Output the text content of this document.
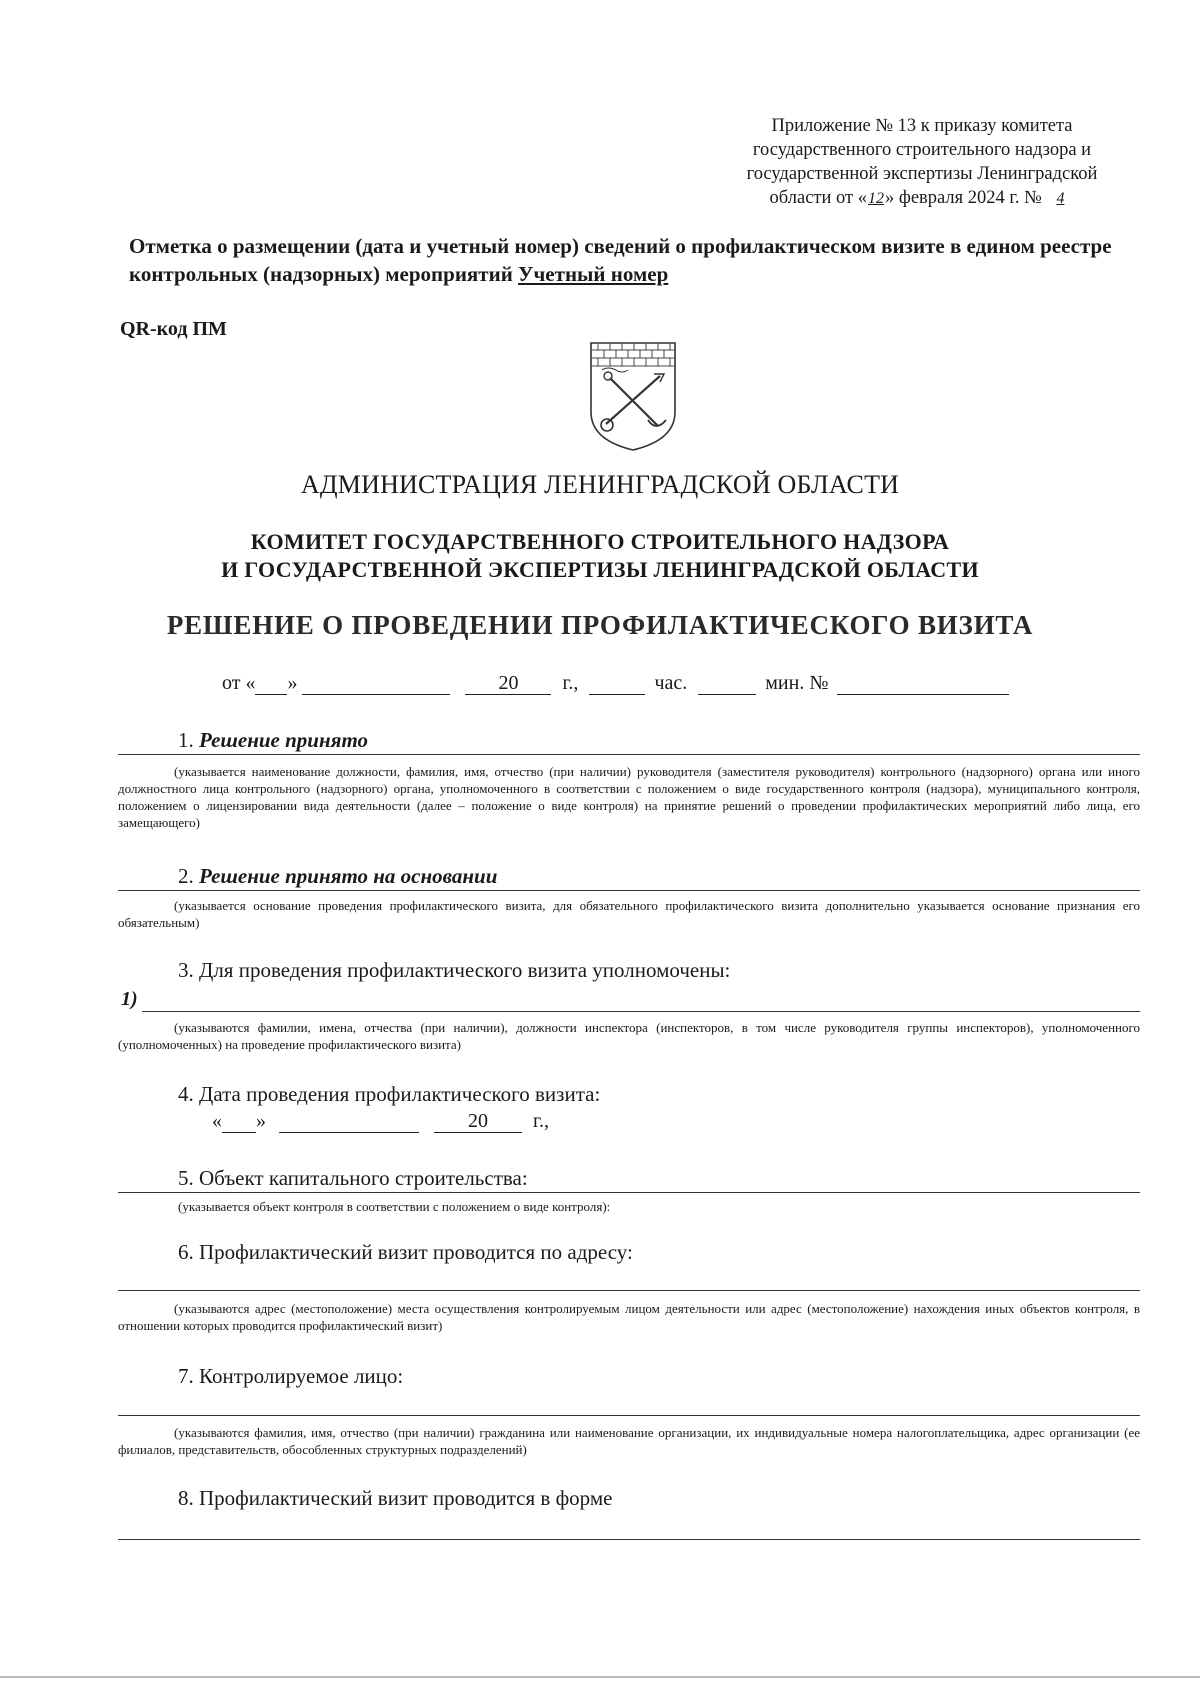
Приложение № 13 к приказу комитета
государственного строительного надзора и
государственной экспертизы Ленинградской
области от «12» февраля 2024 г. № 4
Отметка о размещении (дата и учетный номер) сведений о профилактическом визите в едином реестре контрольных (надзорных) мероприятий Учетный номер
QR-код ПМ
АДМИНИСТРАЦИЯ ЛЕНИНГРАДСКОЙ ОБЛАСТИ
КОМИТЕТ ГОСУДАРСТВЕННОГО СТРОИТЕЛЬНОГО НАДЗОРА
И ГОСУДАРСТВЕННОЙ ЭКСПЕРТИЗЫ ЛЕНИНГРАДСКОЙ ОБЛАСТИ
РЕШЕНИЕ О ПРОВЕДЕНИИ ПРОФИЛАКТИЧЕСКОГО ВИЗИТА
от « »	20 г.,	час.	мин. №
1. Решение принято
(указывается наименование должности, фамилия, имя, отчество (при наличии) руководителя (заместителя руководителя) контрольного (надзорного) органа или иного должностного лица контрольного (надзорного) органа, уполномоченного в соответствии с положением о виде государственного контроля (надзора), муниципального контроля, положением о лицензировании вида деятельности (далее – положение о виде контроля) на принятие решений о проведении профилактических мероприятий либо лица, его замещающего)
2. Решение принято на основании
(указывается основание проведения профилактического визита, для обязательного профилактического визита дополнительно указывается основание признания его обязательным)
3. Для проведения профилактического визита уполномочены:
1)
(указываются фамилии, имена, отчества (при наличии), должности инспектора (инспекторов, в том числе руководителя группы инспекторов), уполномоченного (уполномоченных) на проведение профилактического визита)
4. Дата проведения профилактического визита:
« »	20 г.,
5. Объект капитального строительства:
(указывается объект контроля в соответствии с положением о виде контроля):
6. Профилактический визит проводится по адресу:
(указываются адрес (местоположение) места осуществления контролируемым лицом деятельности или адрес (местоположение) нахождения иных объектов контроля, в отношении которых проводится профилактический визит)
7. Контролируемое лицо:
(указываются фамилия, имя, отчество (при наличии) гражданина или наименование организации, их индивидуальные номера налогоплательщика, адрес организации (ее филиалов, представительств, обособленных структурных подразделений)
8. Профилактический визит проводится в форме
